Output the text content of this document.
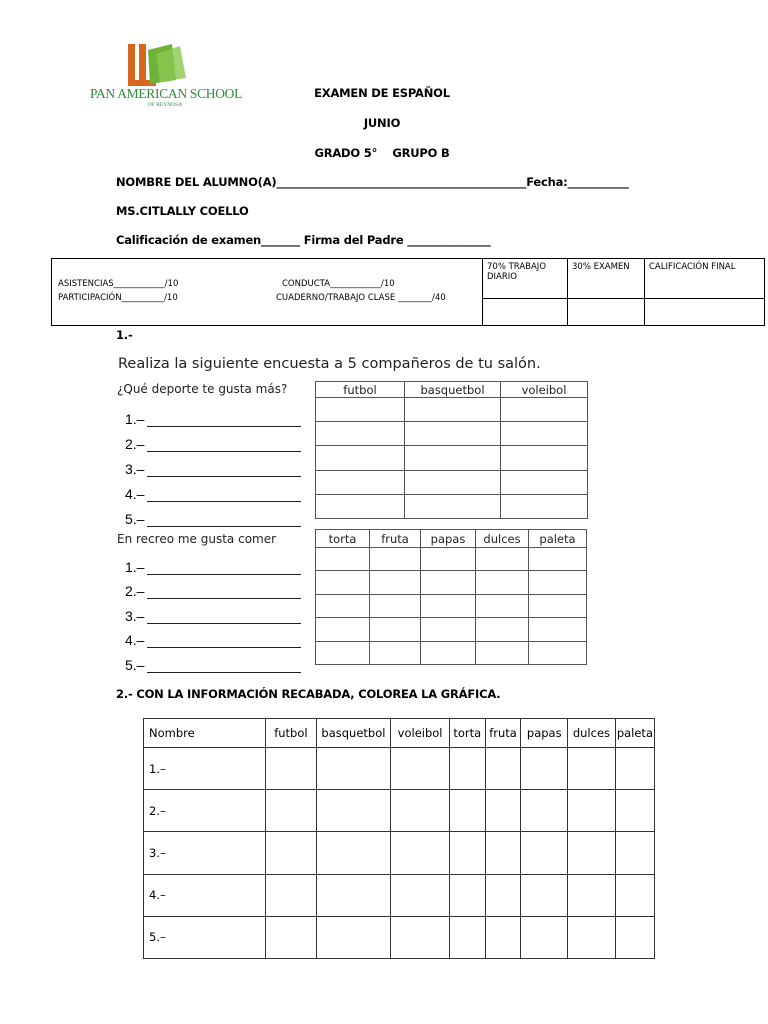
PAN AMERICAN SCHOOL
OF REYNOSA
EXAMEN DE ESPAÑOL
JUNIO
GRADO 5°    GRUPO B
NOMBRE DEL ALUMNO(A)_____________________________________________Fecha:___________
MS.CITLALLY COELLO
Calificación de examen_______ Firma del Padre _______________
ASISTENCIAS____________/10
PARTICIPACIÓN__________/10
CONDUCTA____________/10
CUADERNO/TRABAJO CLASE ________/40	70% TRABAJO DIARIO	30% EXAMEN	CALIFICACIÓN FINAL

1.-
Realiza la siguiente encuesta a 5 compañeros de tu salón.
¿Qué deporte te gusta más?
1.–
2.–
3.–
4.–
5.–
futbol	basquetbol	voleibol

En recreo me gusta comer
1.–
2.–
3.–
4.–
5.–
torta	fruta	papas	dulces	paleta

2.- CON LA INFORMACIÓN RECABADA, COLOREA LA GRÁFICA.
Nombre	futbol	basquetbol	voleibol	torta	fruta	papas	dulces	paleta
1.–								
2.–								
3.–								
4.–								
5.–								
